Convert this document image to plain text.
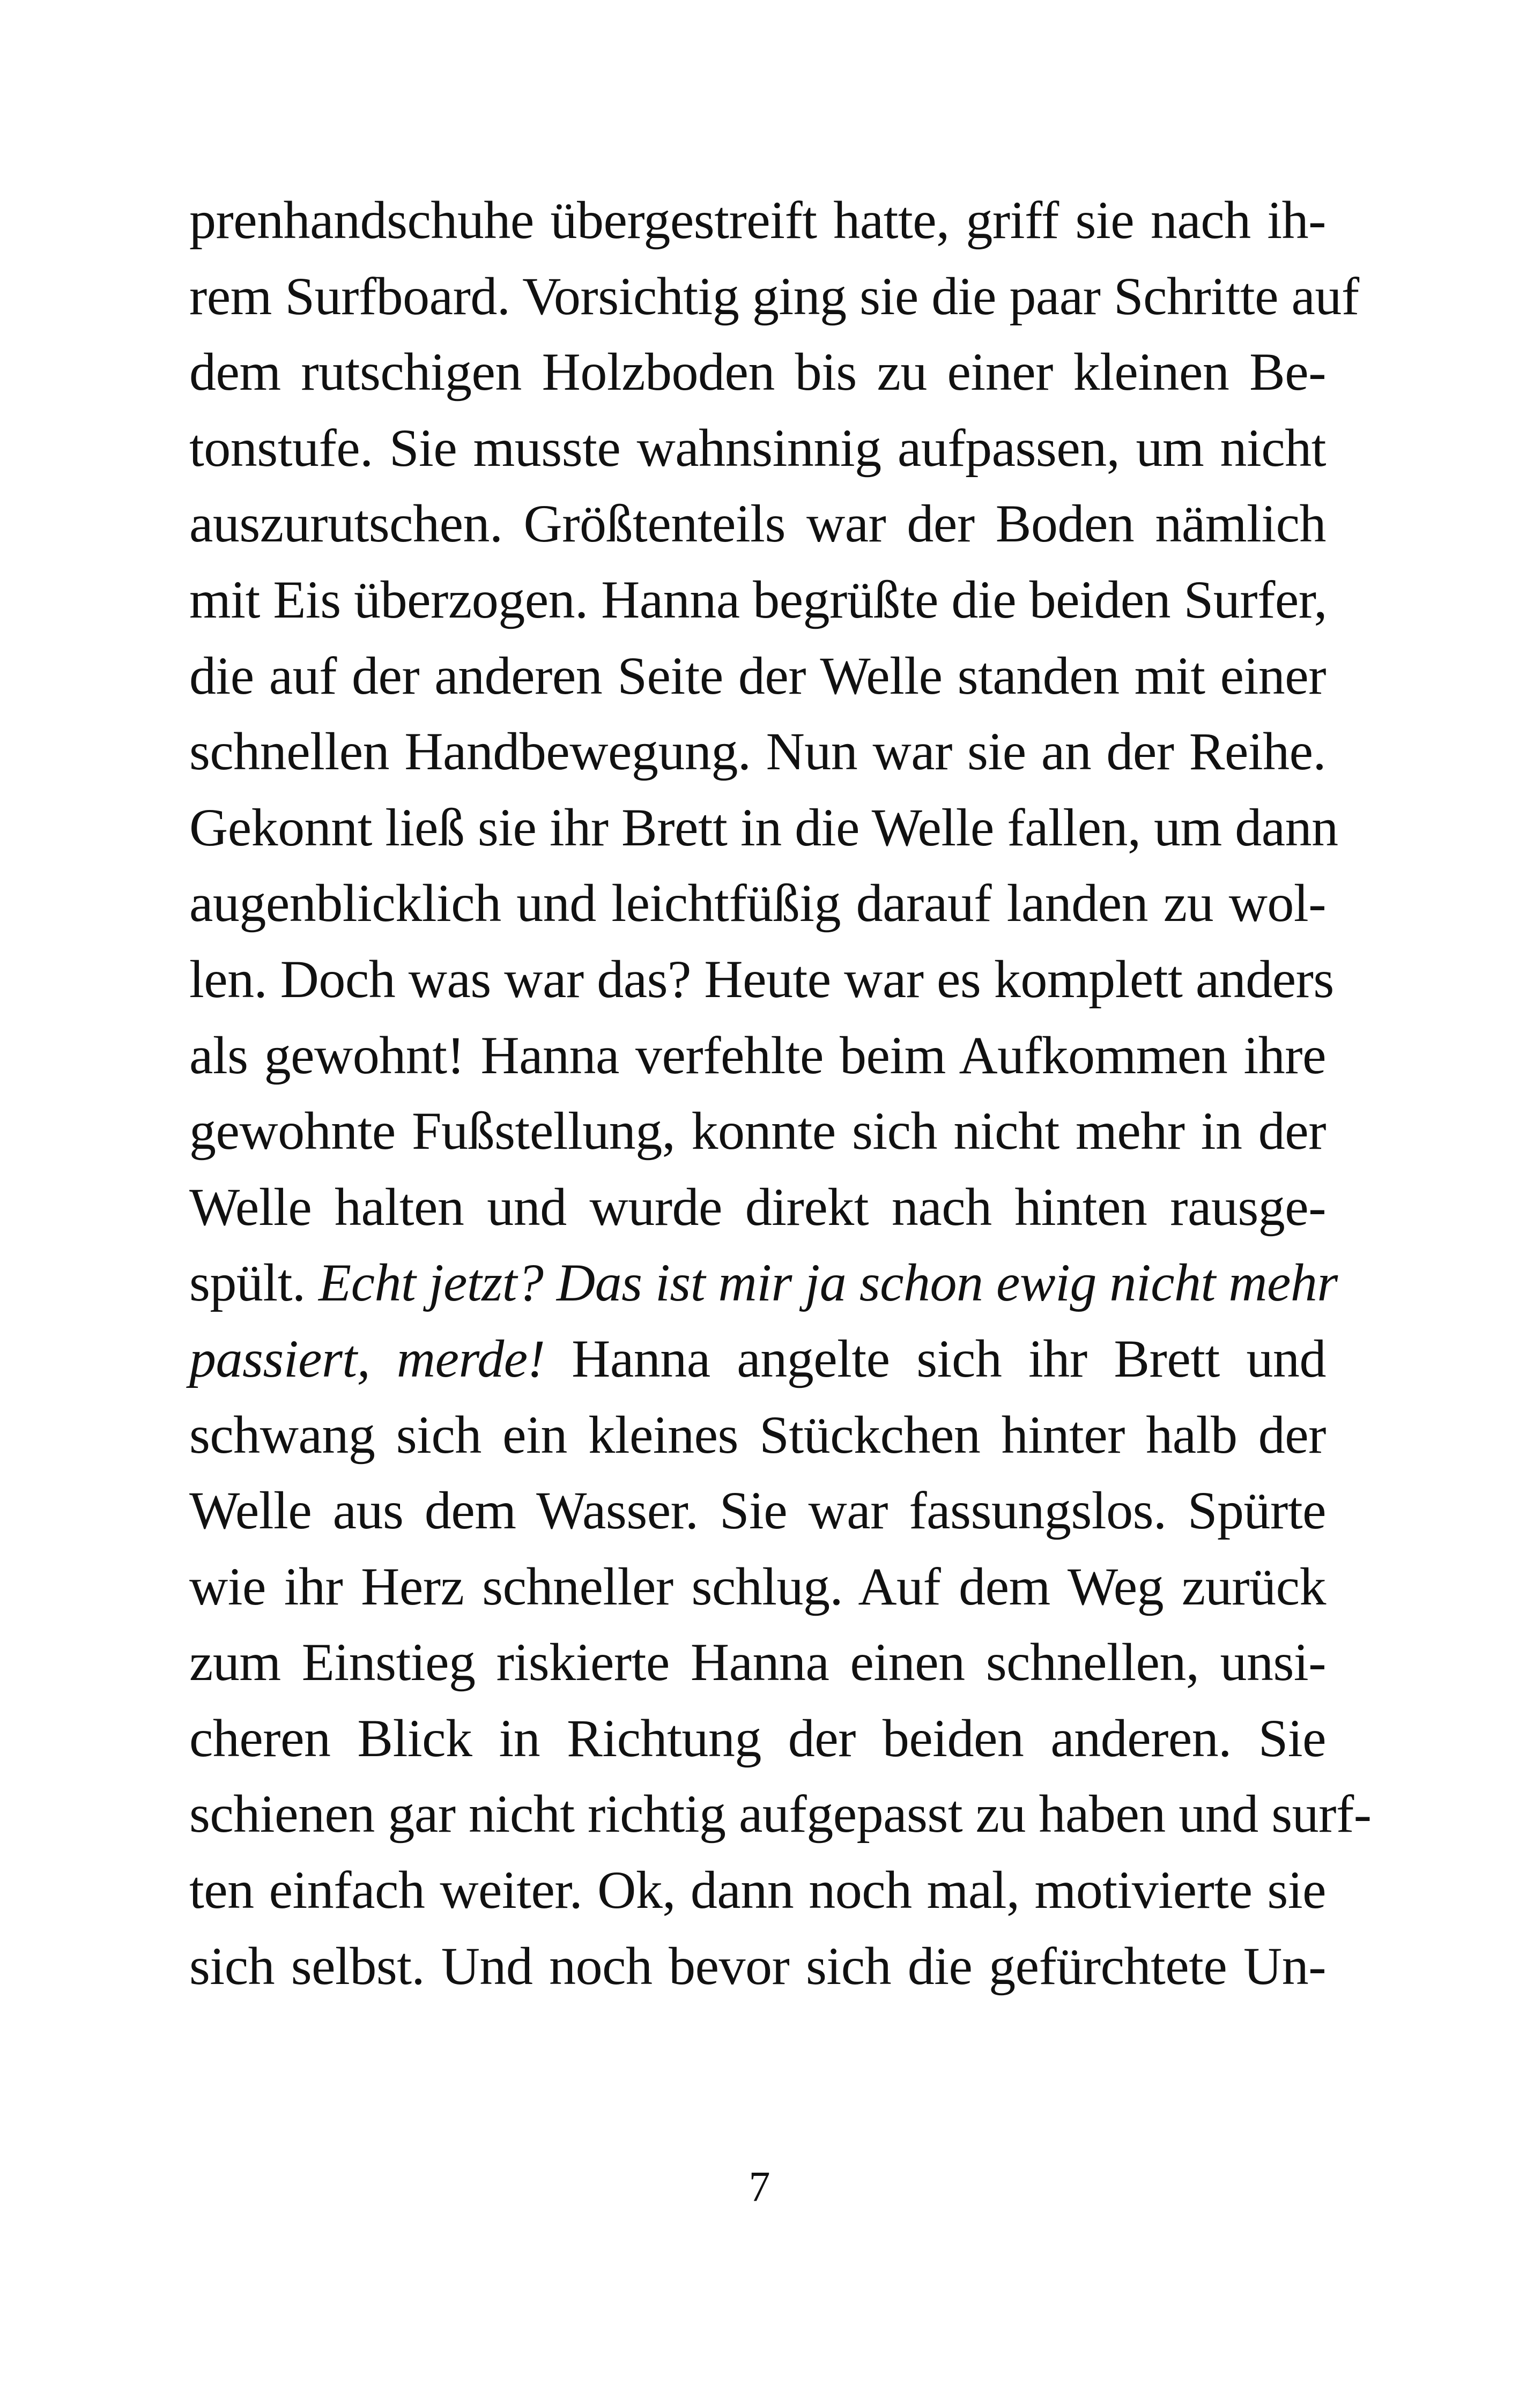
prenhandschuhe übergestreift hatte, griff sie nach ih-
rem Surfboard. Vorsichtig ging sie die paar Schritte auf
dem rutschigen Holzboden bis zu einer kleinen Be-
tonstufe. Sie musste wahnsinnig aufpassen, um nicht
auszurutschen. Größtenteils war der Boden nämlich
mit Eis überzogen. Hanna begrüßte die beiden Surfer,
die auf der anderen Seite der Welle standen mit einer
schnellen Handbewegung. Nun war sie an der Reihe.
Gekonnt ließ sie ihr Brett in die Welle fallen, um dann
augenblicklich und leichtfüßig darauf landen zu wol-
len. Doch was war das? Heute war es komplett anders
als gewohnt! Hanna verfehlte beim Aufkommen ihre
gewohnte Fußstellung, konnte sich nicht mehr in der
Welle halten und wurde direkt nach hinten rausge-
spült. Echt jetzt? Das ist mir ja schon ewig nicht mehr
passiert, merde! Hanna angelte sich ihr Brett und
schwang sich ein kleines Stückchen hinter halb der
Welle aus dem Wasser. Sie war fassungslos. Spürte
wie ihr Herz schneller schlug. Auf dem Weg zurück
zum Einstieg riskierte Hanna einen schnellen, unsi-
cheren Blick in Richtung der beiden anderen. Sie
schienen gar nicht richtig aufgepasst zu haben und surf-
ten einfach weiter. Ok, dann noch mal, motivierte sie
sich selbst. Und noch bevor sich die gefürchtete Un-
7
